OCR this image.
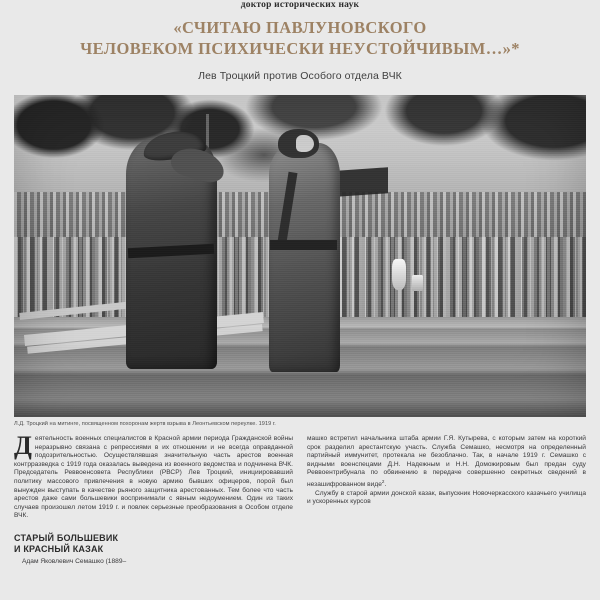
доктор исторических наук
«СЧИТАЮ ПАВЛУНОВСКОГО
ЧЕЛОВЕКОМ ПСИХИЧЕСКИ НЕУСТОЙЧИВЫМ…»*
Лев Троцкий против Особого отдела ВЧК
Л.Д. Троцкий на митинге, посвященном похоронам жертв взрыва в Леонтьевском переулке. 1919 г.

Деятельность военных специалистов в Красной армии периода Гражданской войны неразрывно связана с репрессиями в их отношении и не всегда оправданной подозрительностью. Осуществлявшая значительную часть арестов военная контрразведка с 1919 года оказалась выведена из военного ведомства и подчинена ВЧК. Председатель Реввоенсовета Республики (РВСР) Лев Троцкий, инициировавший политику массового привлечения в новую армию бывших офицеров, порой был вынужден выступать в качестве рьяного защитника арестованных. Тем более что часть арестов даже сами большевики воспринимали с явным недоумением. Один из таких случаев произошел летом 1919 г. и повлек серьезные преобразования в Особом отделе ВЧК.

СТАРЫЙ БОЛЬШЕВИК
И КРАСНЫЙ КАЗАК

Адам Яковлевич Семашко (1889–

машко встретил начальника штаба армии Г.Я. Кутырева, с которым затем на короткий срок разделил арестантскую участь. Служба Семашко, несмотря на определенный партийный иммунитет, протекала не безоблачно. Так, в начале 1919 г. Семашко с видными военспецами Д.Н. Надежным и Н.Н. Доможировым был предан суду Реввоентрибунала по обвинению в передаче совершенно секретных сведений в незашифрованном виде$^2$.

Службу в старой армии донской казак, выпускник Новочеркасского казачьего училища и ускоренных курсов
